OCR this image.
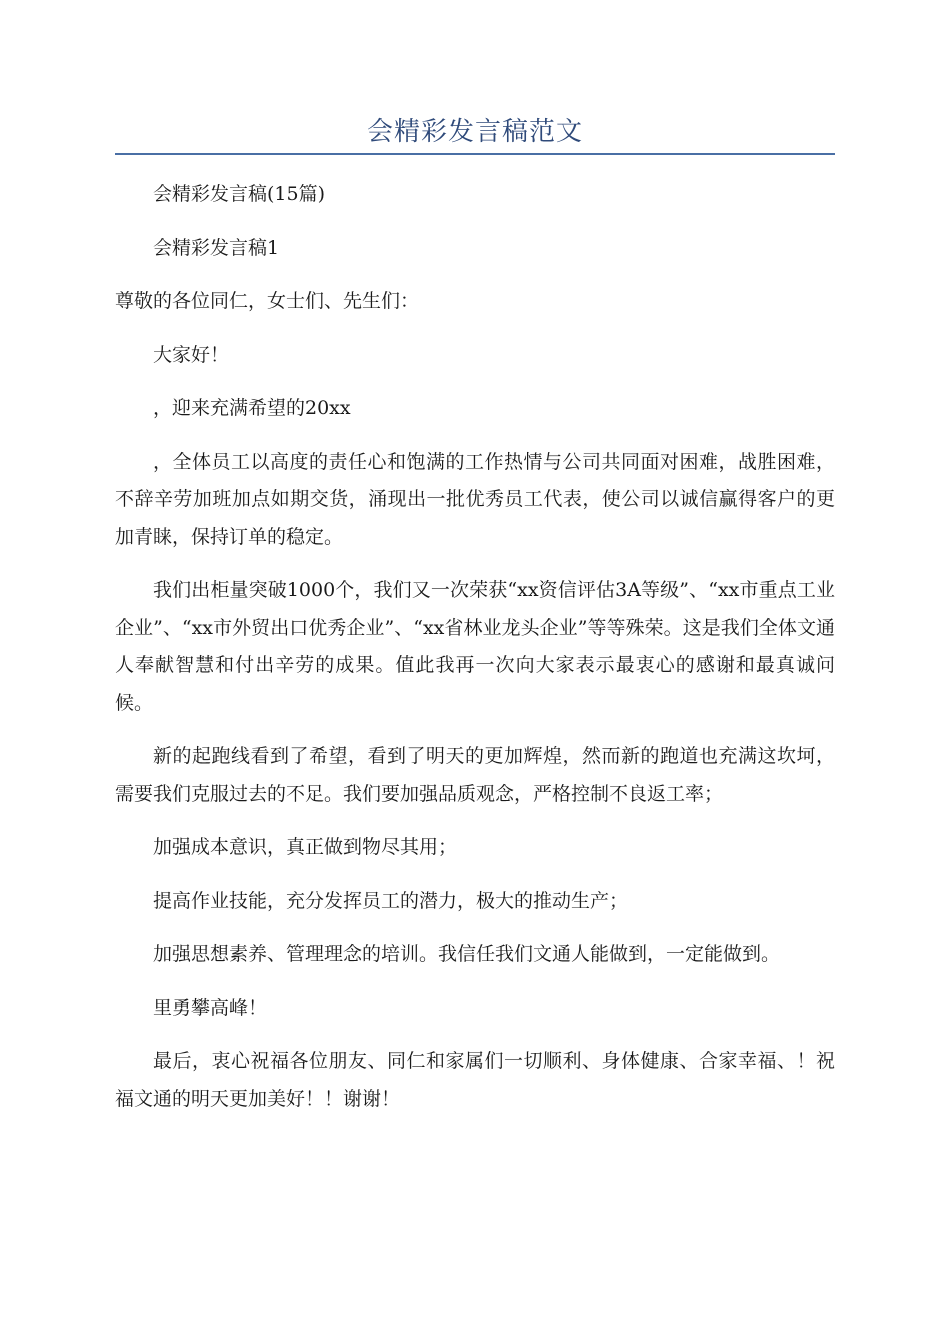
会精彩发言稿范文

会精彩发言稿(15篇)

会精彩发言稿1

尊敬的各位同仁，女士们、先生们：

大家好！

，迎来充满希望的20xx

，全体员工以高度的责任心和饱满的工作热情与公司共同面对困难，战胜困难，不辞辛劳加班加点如期交货，涌现出一批优秀员工代表，使公司以诚信赢得客户的更加青睐，保持订单的稳定。

我们出柜量突破1000个，我们又一次荣获“xx资信评估3A等级”、“xx市重点工业企业”、“xx市外贸出口优秀企业”、“xx省林业龙头企业”等等殊荣。这是我们全体文通人奉献智慧和付出辛劳的成果。值此我再一次向大家表示最衷心的感谢和最真诚问候。

新的起跑线看到了希望，看到了明天的更加辉煌，然而新的跑道也充满这坎坷，需要我们克服过去的不足。我们要加强品质观念，严格控制不良返工率；

加强成本意识，真正做到物尽其用；

提高作业技能，充分发挥员工的潜力，极大的推动生产；

加强思想素养、管理理念的培训。我信任我们文通人能做到，一定能做到。

里勇攀高峰！

最后，衷心祝福各位朋友、同仁和家属们一切顺利、身体健康、合家幸福、！祝福文通的明天更加美好！！谢谢！
